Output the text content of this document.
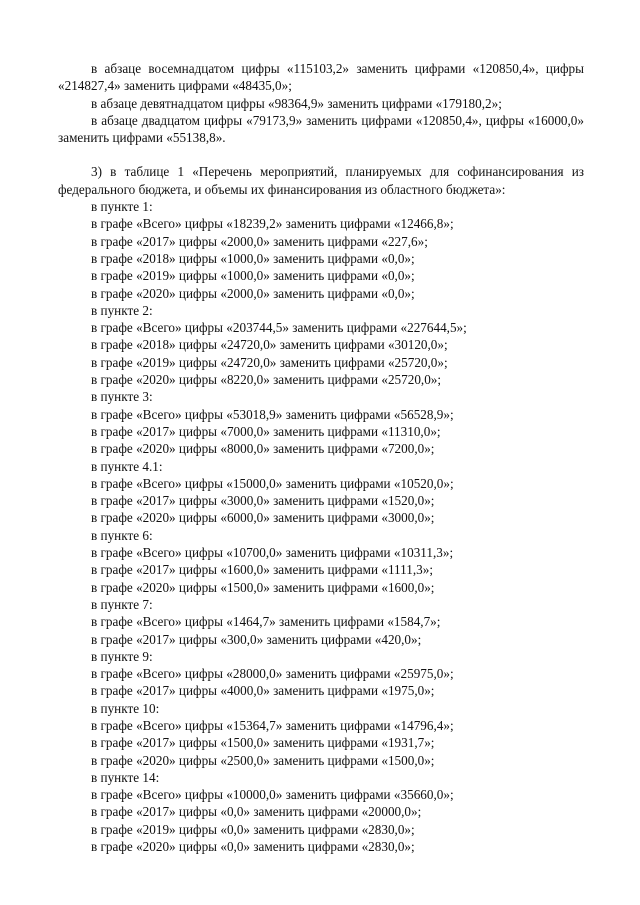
в абзаце восемнадцатом цифры «115103,2» заменить цифрами «120850,4», цифры «214827,4» заменить цифрами «48435,0»;

в абзаце девятнадцатом цифры «98364,9» заменить цифрами «179180,2»;

в абзаце двадцатом цифры «79173,9» заменить цифрами «120850,4», цифры «16000,0» заменить цифрами «55138,8».

3) в таблице 1 «Перечень мероприятий, планируемых для софинансирования из федерального бюджета, и объемы их финансирования из областного бюджета»:

в пункте 1:

в графе «Всего» цифры «18239,2» заменить цифрами «12466,8»;

в графе «2017» цифры «2000,0» заменить цифрами «227,6»;

в графе «2018» цифры «1000,0» заменить цифрами «0,0»;

в графе «2019» цифры «1000,0» заменить цифрами «0,0»;

в графе «2020» цифры «2000,0» заменить цифрами «0,0»;

в пункте 2:

в графе «Всего» цифры «203744,5» заменить цифрами «227644,5»;

в графе «2018» цифры «24720,0» заменить цифрами «30120,0»;

в графе «2019» цифры «24720,0» заменить цифрами «25720,0»;

в графе «2020» цифры «8220,0» заменить цифрами «25720,0»;

в пункте 3:

в графе «Всего» цифры «53018,9» заменить цифрами «56528,9»;

в графе «2017» цифры «7000,0» заменить цифрами «11310,0»;

в графе «2020» цифры «8000,0» заменить цифрами «7200,0»;

в пункте 4.1:

в графе «Всего» цифры «15000,0» заменить цифрами «10520,0»;

в графе «2017» цифры «3000,0» заменить цифрами «1520,0»;

в графе «2020» цифры «6000,0» заменить цифрами «3000,0»;

в пункте 6:

в графе «Всего» цифры «10700,0» заменить цифрами «10311,3»;

в графе «2017» цифры «1600,0» заменить цифрами «1111,3»;

в графе «2020» цифры «1500,0» заменить цифрами «1600,0»;

в пункте 7:

в графе «Всего» цифры «1464,7» заменить цифрами «1584,7»;

в графе «2017» цифры «300,0» заменить цифрами «420,0»;

в пункте 9:

в графе «Всего» цифры «28000,0» заменить цифрами «25975,0»;

в графе «2017» цифры «4000,0» заменить цифрами «1975,0»;

в пункте 10:

в графе «Всего» цифры «15364,7» заменить цифрами «14796,4»;

в графе «2017» цифры «1500,0» заменить цифрами «1931,7»;

в графе «2020» цифры «2500,0» заменить цифрами «1500,0»;

в пункте 14:

в графе «Всего» цифры «10000,0» заменить цифрами «35660,0»;

в графе «2017» цифры «0,0» заменить цифрами «20000,0»;

в графе «2019» цифры «0,0» заменить цифрами «2830,0»;

в графе «2020» цифры «0,0» заменить цифрами «2830,0»;
